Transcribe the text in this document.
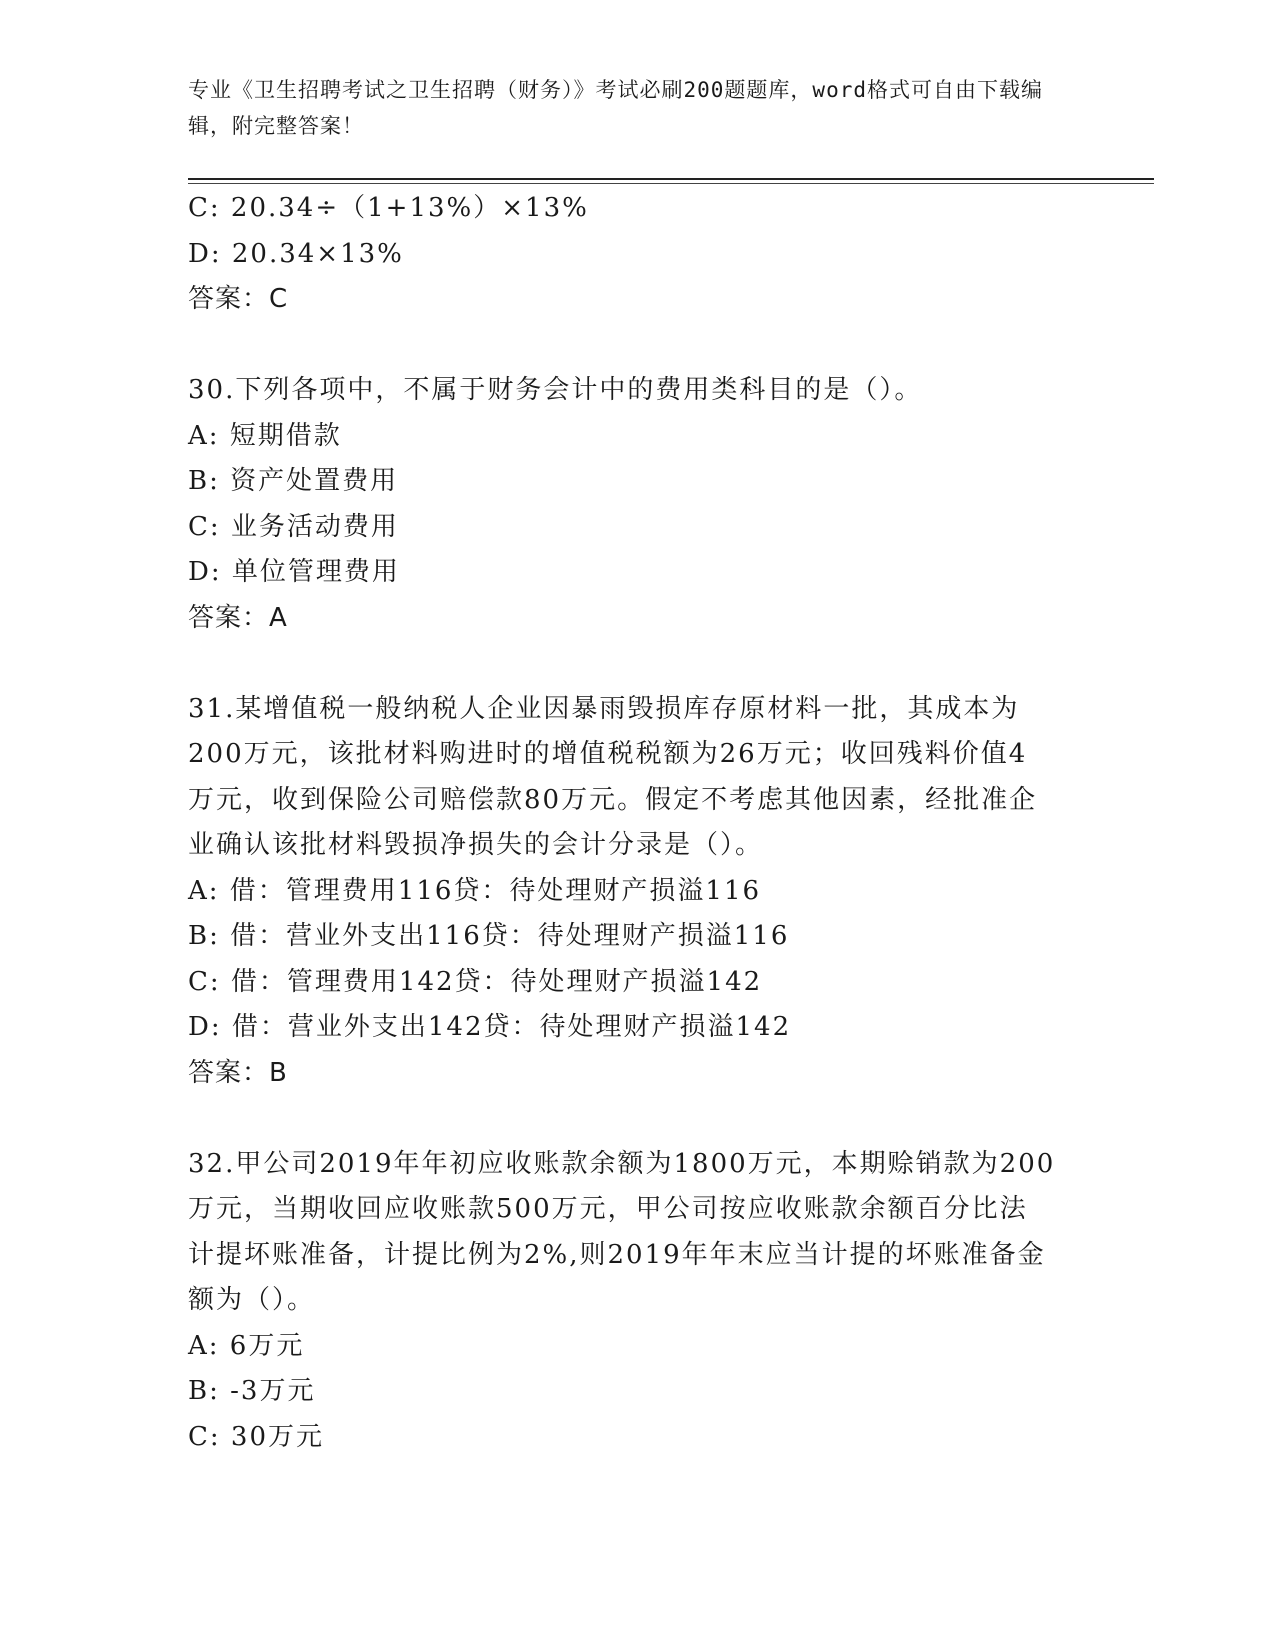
专业《卫生招聘考试之卫生招聘（财务）》考试必刷200题题库，word格式可自由下载编辑，附完整答案！
C: 20.34÷（1+13%）×13%
D: 20.34×13%
答案：C
30.下列各项中，不属于财务会计中的费用类科目的是（）。
A: 短期借款
B: 资产处置费用
C: 业务活动费用
D: 单位管理费用
答案：A
31.某增值税一般纳税人企业因暴雨毁损库存原材料一批，其成本为
200万元，该批材料购进时的增值税税额为26万元；收回残料价值4
万元，收到保险公司赔偿款80万元。假定不考虑其他因素，经批准企
业确认该批材料毁损净损失的会计分录是（）。
A: 借：管理费用116贷：待处理财产损溢116
B: 借：营业外支出116贷：待处理财产损溢116
C: 借：管理费用142贷：待处理财产损溢142
D: 借：营业外支出142贷：待处理财产损溢142
答案：B
32.甲公司2019年年初应收账款余额为1800万元，本期赊销款为200
万元，当期收回应收账款500万元，甲公司按应收账款余额百分比法
计提坏账准备，计提比例为2%,则2019年年末应当计提的坏账准备金
额为（）。
A: 6万元
B: -3万元
C: 30万元
